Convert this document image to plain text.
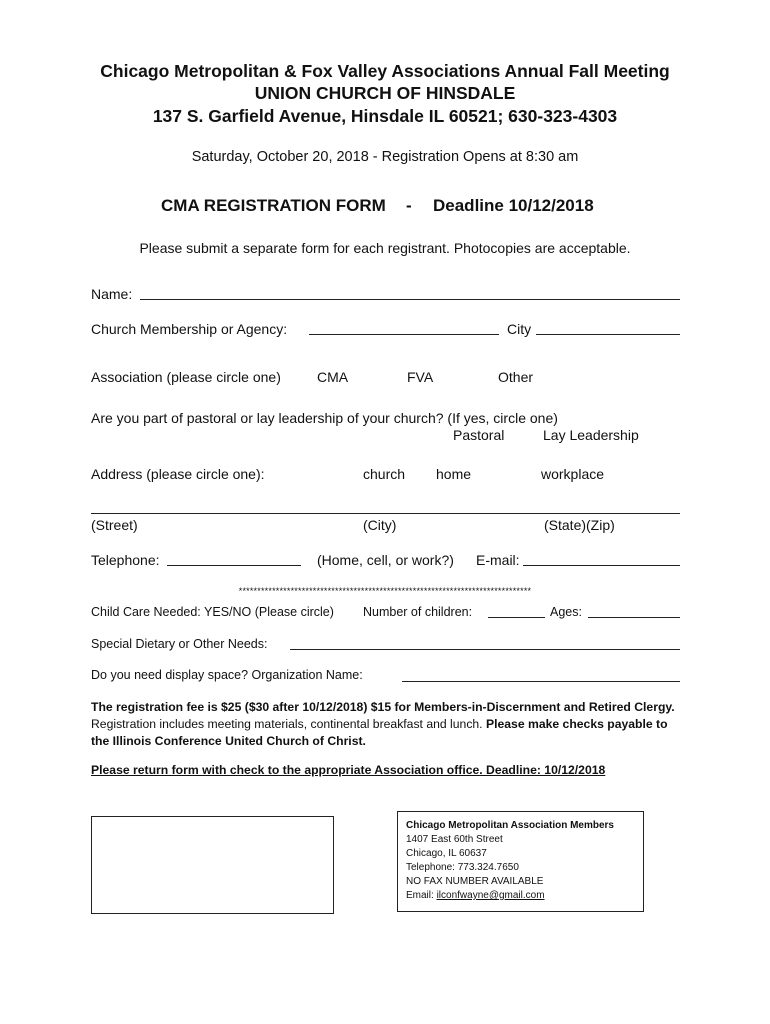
Chicago Metropolitan & Fox Valley Associations Annual Fall Meeting
UNION CHURCH OF HINSDALE
137 S. Garfield Avenue, Hinsdale IL 60521; 630-323-4303
Saturday, October 20, 2018 - Registration Opens at 8:30 am
CMA REGISTRATION FORM - Deadline 10/12/2018
Please submit a separate form for each registrant. Photocopies are acceptable.
Name:
Church Membership or Agency:	City
Association (please circle one)	CMA	FVA	Other
Are you part of pastoral or lay leadership of your church? (If yes, circle one)
Pastoral	Lay Leadership
Address (please circle one):	church home	workplace
(Street)	(City)	(State)(Zip)
Telephone:	(Home, cell, or work?) E-mail:
*******************************************************************************
Child Care Needed: YES/NO (Please circle) Number of children:	Ages:
Special Dietary or Other Needs:
Do you need display space? Organization Name:
The registration fee is $25 ($30 after 10/12/2018) $15 for Members-in-Discernment and Retired Clergy. Registration includes meeting materials, continental breakfast and lunch. Please make checks payable to the Illinois Conference United Church of Christ.
Please return form with check to the appropriate Association office. Deadline: 10/12/2018
Chicago Metropolitan Association Members
1407 East 60th Street
Chicago, IL 60637
Telephone: 773.324.7650
NO FAX NUMBER AVAILABLE
Email: ilconfwayne@gmail.com
